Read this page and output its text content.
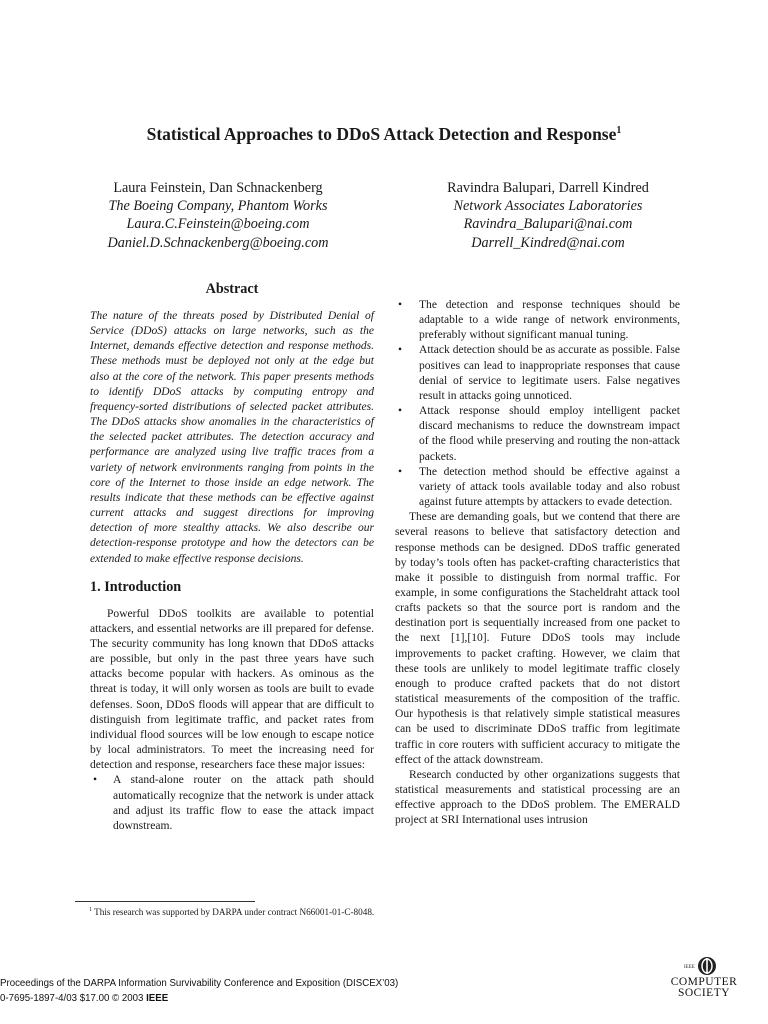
Statistical Approaches to DDoS Attack Detection and Response$^1$
Laura Feinstein, Dan Schnackenberg
The Boeing Company, Phantom Works
Laura.C.Feinstein@boeing.com
Daniel.D.Schnackenberg@boeing.com
Ravindra Balupari, Darrell Kindred
Network Associates Laboratories
Ravindra_Balupari@nai.com
Darrell_Kindred@nai.com
Abstract

The nature of the threats posed by Distributed Denial of Service (DDoS) attacks on large networks, such as the Internet, demands effective detection and response methods. These methods must be deployed not only at the edge but also at the core of the network. This paper presents methods to identify DDoS attacks by computing entropy and frequency-sorted distributions of selected packet attributes. The DDoS attacks show anomalies in the characteristics of the selected packet attributes. The detection accuracy and performance are analyzed using live traffic traces from a variety of network environments ranging from points in the core of the Internet to those inside an edge network. The results indicate that these methods can be effective against current attacks and suggest directions for improving detection of more stealthy attacks. We also describe our detection-response prototype and how the detectors can be extended to make effective response decisions.

1. Introduction

Powerful DDoS toolkits are available to potential attackers, and essential networks are ill prepared for defense. The security community has long known that DDoS attacks are possible, but only in the past three years have such attacks become popular with hackers. As ominous as the threat is today, it will only worsen as tools are built to evade defenses. Soon, DDoS floods will appear that are difficult to distinguish from legitimate traffic, and packet rates from individual flood sources will be low enough to escape notice by local administrators. To meet the increasing need for detection and response, researchers face these major issues:

• A stand-alone router on the attack path should automatically recognize that the network is under attack and adjust its traffic flow to ease the attack impact downstream.
• The detection and response techniques should be adaptable to a wide range of network environments, preferably without significant manual tuning.
• Attack detection should be as accurate as possible. False positives can lead to inappropriate responses that cause denial of service to legitimate users. False negatives result in attacks going unnoticed.
• Attack response should employ intelligent packet discard mechanisms to reduce the downstream impact of the flood while preserving and routing the non-attack packets.
• The detection method should be effective against a variety of attack tools available today and also robust against future attempts by attackers to evade detection.

These are demanding goals, but we contend that there are several reasons to believe that satisfactory detection and response methods can be designed. DDoS traffic generated by today’s tools often has packet-crafting characteristics that make it possible to distinguish from normal traffic. For example, in some configurations the Stacheldraht attack tool crafts packets so that the source port is random and the destination port is sequentially increased from one packet to the next [1],[10]. Future DDoS tools may include improvements to packet crafting. However, we claim that these tools are unlikely to model legitimate traffic closely enough to produce crafted packets that do not distort statistical measurements of the composition of the traffic. Our hypothesis is that relatively simple statistical measures can be used to discriminate DDoS traffic from legitimate traffic in core routers with sufficient accuracy to mitigate the effect of the attack downstream.

Research conducted by other organizations suggests that statistical measurements and statistical processing are an effective approach to the DDoS problem. The EMERALD project at SRI International uses intrusion

$^1$ This research was supported by DARPA under contract N66001-01-C-8048.
Proceedings of the DARPA Information Survivability Conference and Exposition (DISCEX’03)
0-7695-1897-4/03 $17.00 © 2003 IEEE
IEEE
COMPUTER
SOCIETY
